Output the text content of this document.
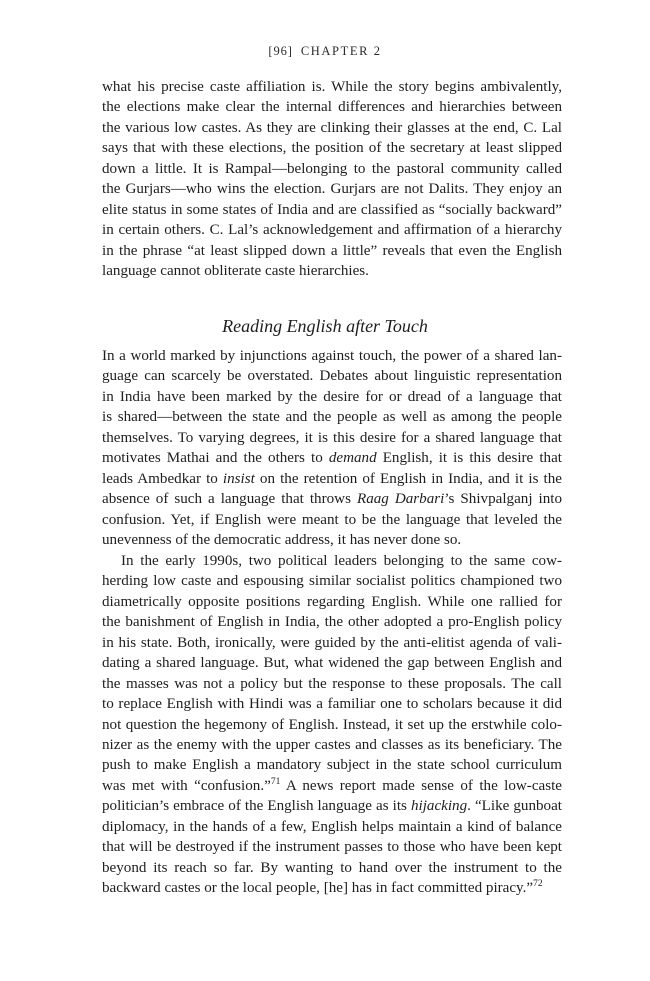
[96] CHAPTER 2
what his precise caste affiliation is. While the story begins ambivalently,
the elections make clear the internal differences and hierarchies between
the various low castes. As they are clinking their glasses at the end, C. Lal
says that with these elections, the position of the secretary at least slipped
down a little. It is Rampal—belonging to the pastoral community called
the Gurjars—who wins the election. Gurjars are not Dalits. They enjoy an
elite status in some states of India and are classified as “socially backward”
in certain others. C. Lal’s acknowledgement and affirmation of a hierarchy
in the phrase “at least slipped down a little” reveals that even the English
language cannot obliterate caste hierarchies.
Reading English after Touch
In a world marked by injunctions against touch, the power of a shared lan-
guage can scarcely be overstated. Debates about linguistic representation
in India have been marked by the desire for or dread of a language that
is shared—between the state and the people as well as among the people
themselves. To varying degrees, it is this desire for a shared language that
motivates Mathai and the others to demand English, it is this desire that
leads Ambedkar to insist on the retention of English in India, and it is the
absence of such a language that throws Raag Darbari’s Shivpalganj into
confusion. Yet, if English were meant to be the language that leveled the
unevenness of the democratic address, it has never done so.
In the early 1990s, two political leaders belonging to the same cow-
herding low caste and espousing similar socialist politics championed two
diametrically opposite positions regarding English. While one rallied for
the banishment of English in India, the other adopted a pro-English policy
in his state. Both, ironically, were guided by the anti-elitist agenda of vali-
dating a shared language. But, what widened the gap between English and
the masses was not a policy but the response to these proposals. The call
to replace English with Hindi was a familiar one to scholars because it did
not question the hegemony of English. Instead, it set up the erstwhile colo-
nizer as the enemy with the upper castes and classes as its beneficiary. The
push to make English a mandatory subject in the state school curriculum
was met with “confusion.”$^{71}$ A news report made sense of the low-caste
politician’s embrace of the English language as its hijacking. “Like gunboat
diplomacy, in the hands of a few, English helps maintain a kind of balance
that will be destroyed if the instrument passes to those who have been kept
beyond its reach so far. By wanting to hand over the instrument to the
backward castes or the local people, [he] has in fact committed piracy.”$^{72}$
